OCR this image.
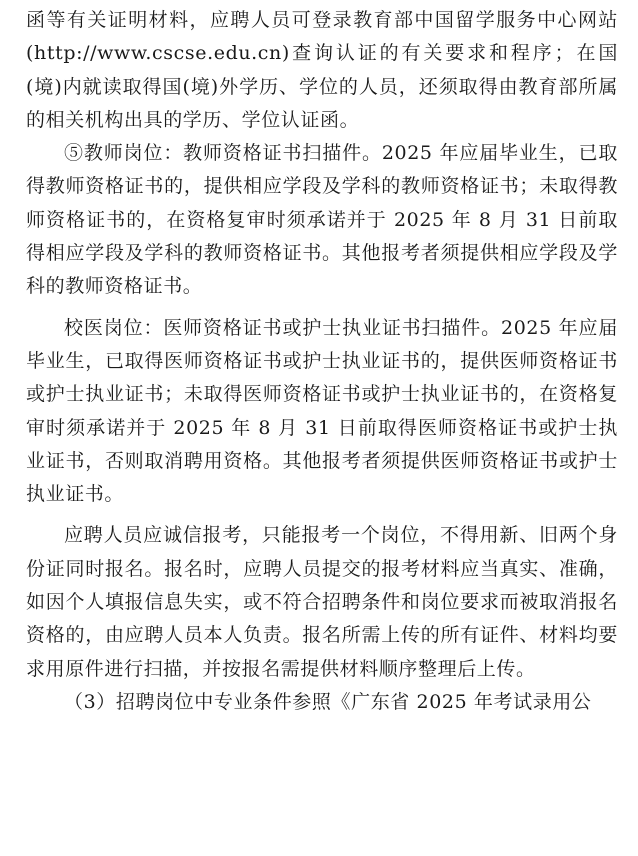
函等有关证明材料，应聘人员可登录教育部中国留学服务中心网站(http://www.cscse.edu.cn)查询认证的有关要求和程序；在国(境)内就读取得国(境)外学历、学位的人员，还须取得由教育部所属的相关机构出具的学历、学位认证函。

⑤教师岗位：教师资格证书扫描件。2025 年应届毕业生，已取得教师资格证书的，提供相应学段及学科的教师资格证书；未取得教师资格证书的，在资格复审时须承诺并于 2025 年 8 月 31 日前取得相应学段及学科的教师资格证书。其他报考者须提供相应学段及学科的教师资格证书。

校医岗位：医师资格证书或护士执业证书扫描件。2025 年应届毕业生，已取得医师资格证书或护士执业证书的，提供医师资格证书或护士执业证书；未取得医师资格证书或护士执业证书的，在资格复审时须承诺并于 2025 年 8 月 31 日前取得医师资格证书或护士执业证书，否则取消聘用资格。其他报考者须提供医师资格证书或护士执业证书。

应聘人员应诚信报考，只能报考一个岗位，不得用新、旧两个身份证同时报名。报名时，应聘人员提交的报考材料应当真实、准确，如因个人填报信息失实，或不符合招聘条件和岗位要求而被取消报名资格的，由应聘人员本人负责。报名所需上传的所有证件、材料均要求用原件进行扫描，并按报名需提供材料顺序整理后上传。

（3）招聘岗位中专业条件参照《广东省 2025 年考试录用公
